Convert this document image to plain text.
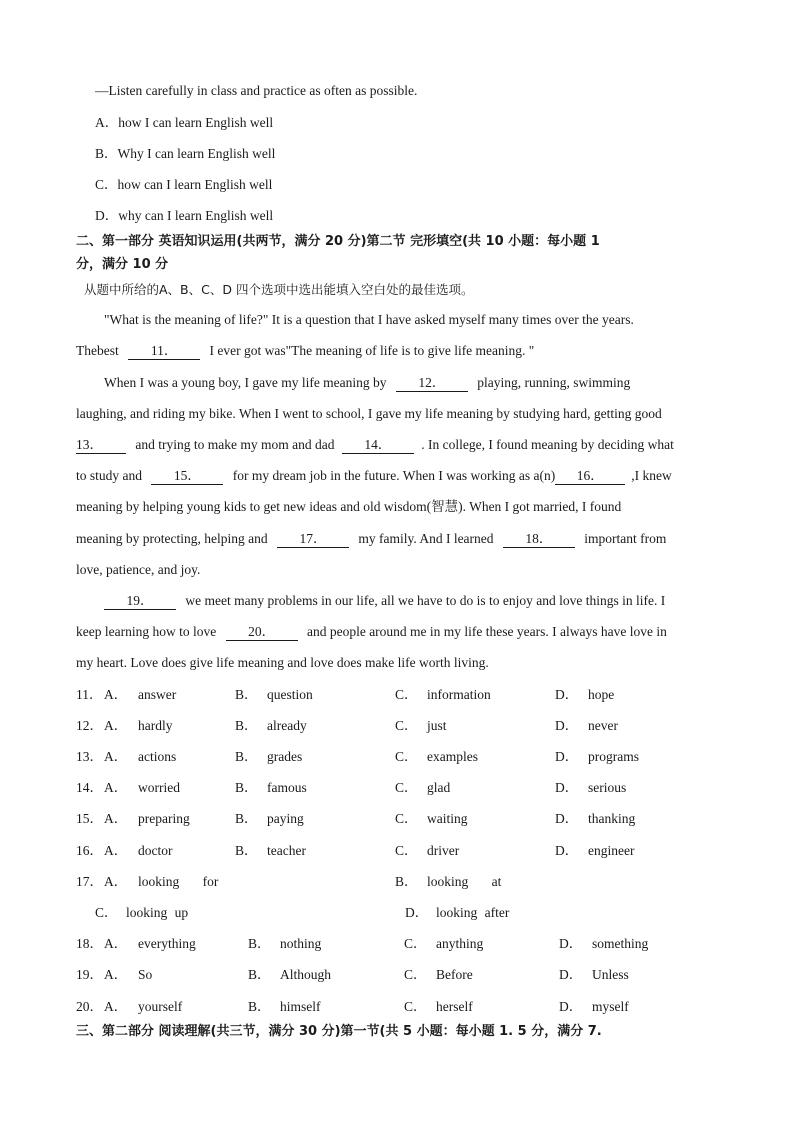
—Listen carefully in class and practice as often as possible.
A．how I can learn English well
B．Why I can learn English well
C．how can I learn English well
D．why can I learn English well
二、第一部分 英语知识运用(共两节，满分 20 分)第二节 完形填空(共 10 小题：每小题 1
分，满分 10 分
从题中所给的A、B、C、D 四个选项中选出能填入空白处的最佳选项。
"What is the meaning of life?" It is a question that I have asked myself many times over the years.
Thebest 11． I ever got was"The meaning of life is to give life meaning. "
When I was a young boy, I gave my life meaning by 12． playing, running, swimming
laughing, and riding my bike. When I went to school, I gave my life meaning by studying hard, getting good
13． and trying to make my mom and dad 14． . In college, I found meaning by deciding what
to study and 15． for my dream job in the future. When I was working as a(n) 16． ,I knew
meaning by helping young kids to get new ideas and old wisdom(智慧). When I got married, I found
meaning by protecting, helping and 17． my family. And I learned 18． important from
love, patience, and joy.
19． we meet many problems in our life, all we have to do is to enjoy and love things in life. I
keep learning how to love 20． and people around me in my life these years. I always have love in
my heart. Love does give life meaning and love does make life worth living.
11． A． answer	B． question	C． information	D． hope
12． A． hardly	B． already	C． just	D． never
13． A． actions	B． grades	C． examples	D． programs
14． A． worried	B． famous	C． glad	D． serious
15． A． preparing	B． paying	C． waiting	D． thanking
16． A． doctor	B． teacher	C． driver	D． engineer
17． A． looking for	B． looking at
C． looking up	D． looking after
18． A． everything	B． nothing	C． anything	D． something
19． A． So	B． Although	C． Before	D． Unless
20． A． yourself	B． himself	C． herself	D． myself
三、第二部分 阅读理解(共三节，满分 30 分)第一节(共 5 小题：每小题 1. 5 分，满分 7.
